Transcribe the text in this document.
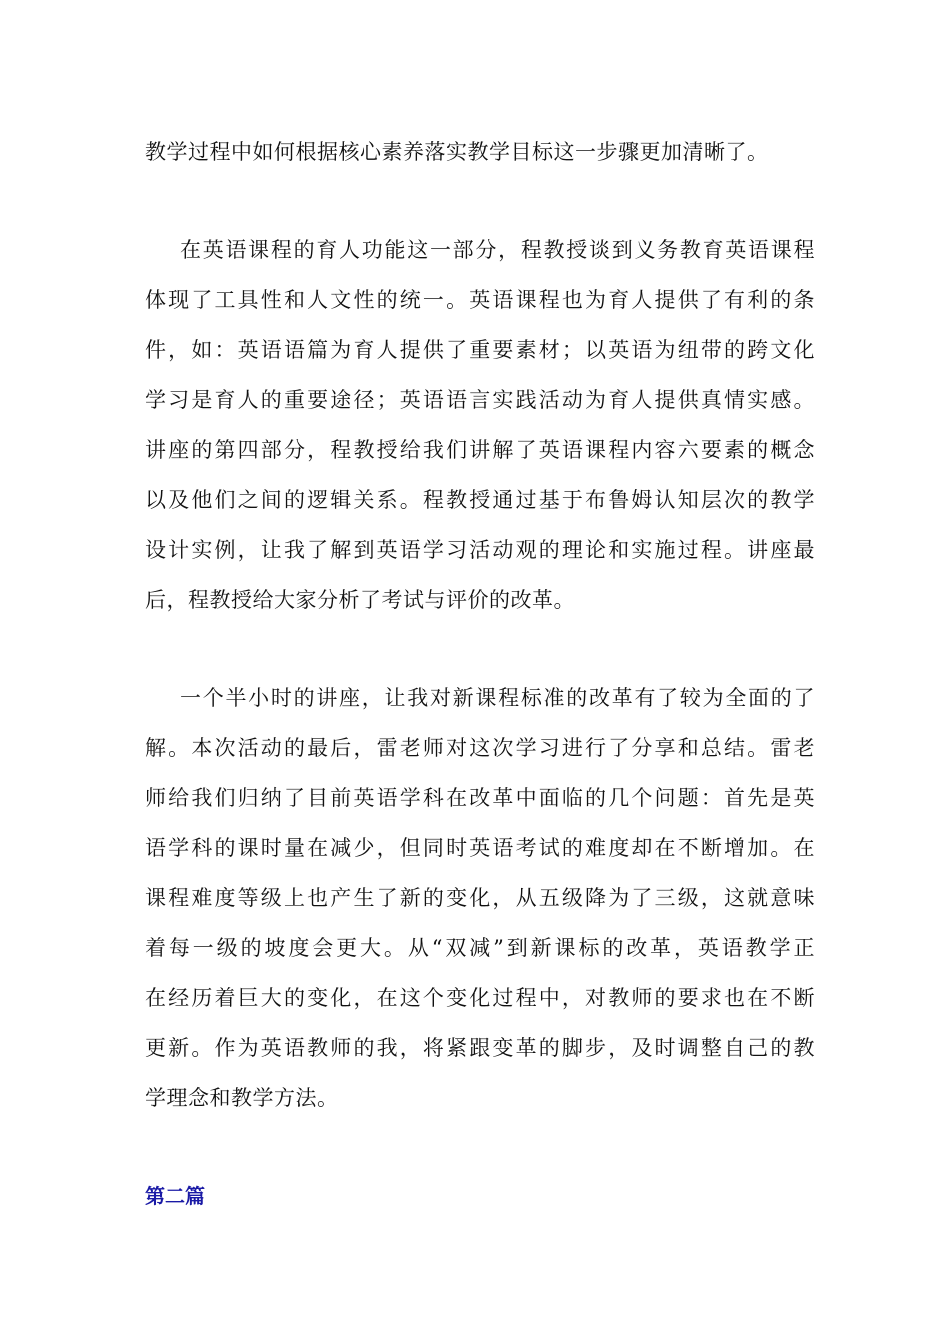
教学过程中如何根据核心素养落实教学目标这一步骤更加清晰了。
在英语课程的育人功能这一部分，程教授谈到义务教育英语课程
体现了工具性和人文性的统一。英语课程也为育人提供了有利的条
件，如：英语语篇为育人提供了重要素材；以英语为纽带的跨文化
学习是育人的重要途径；英语语言实践活动为育人提供真情实感。
讲座的第四部分，程教授给我们讲解了英语课程内容六要素的概念
以及他们之间的逻辑关系。程教授通过基于布鲁姆认知层次的教学
设计实例，让我了解到英语学习活动观的理论和实施过程。讲座最
后，程教授给大家分析了考试与评价的改革。
一个半小时的讲座，让我对新课程标准的改革有了较为全面的了
解。本次活动的最后，雷老师对这次学习进行了分享和总结。雷老
师给我们归纳了目前英语学科在改革中面临的几个问题：首先是英
语学科的课时量在减少，但同时英语考试的难度却在不断增加。在
课程难度等级上也产生了新的变化，从五级降为了三级，这就意味
着每一级的坡度会更大。从“双减”到新课标的改革，英语教学正
在经历着巨大的变化，在这个变化过程中，对教师的要求也在不断
更新。作为英语教师的我，将紧跟变革的脚步，及时调整自己的教
学理念和教学方法。
第二篇
